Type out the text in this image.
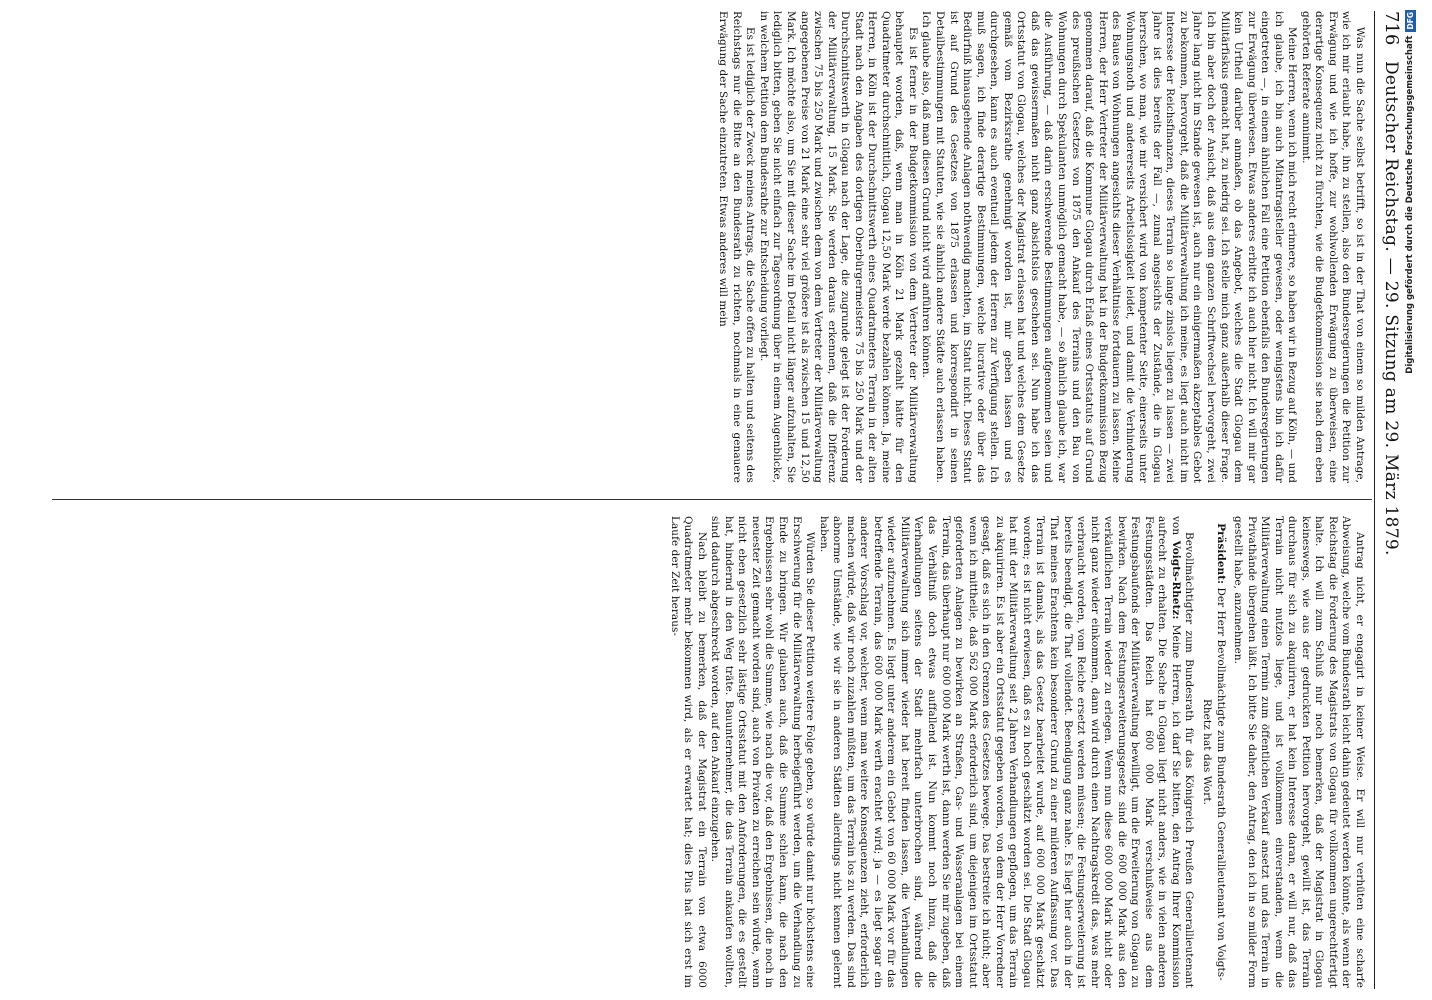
716
Deutscher Reichstag. — 29. Sitzung am 29. März 1879.

Was nun die Sache selbst betrifft, so ist in der That von einem so milden Antrage, wie ich mir erlaubt habe, ihn zu stellen, also den Bundesregierungen die Petition zur Erwägung und wie ich hoffe, zur wohlwollenden Erwägung zu überweisen, eine derartige Konsequenz nicht zu fürchten, wie die Budgetkommission sie nach dem eben gehörten Referate annimmt.

Meine Herren, wenn ich mich recht erinnere, so haben wir in Bezug auf Köln, — und ich glaube, ich bin auch Mitantragsteller gewesen, oder wenigstens bin ich dafür eingetreten —, in einem ähnlichen Fall eine Petition ebenfalls den Bundesregierungen zur Erwägung überwiesen. Etwas anderes erbitte ich auch hier nicht. Ich will mir gar kein Urtheil darüber anmaßen, ob das Angebot, welches die Stadt Glogau dem Militärfiskus gemacht hat, zu niedrig sei. Ich stelle mich ganz außerhalb dieser Frage. Ich bin aber doch der Ansicht, daß aus dem ganzen Schriftwechsel hervorgeht, zwei Jahre lang nicht im Stande gewesen ist, auch nur ein einigermaßen akzeptables Gebot zu bekommen, hervorgeht, daß die Militärverwaltung ich meine, es liegt auch nicht im Interesse der Reichsfinanzen, dieses Terrain so lange zinslos liegen zu lassen — zwei Jahre ist dies bereits der Fall —, zumal angesichts der Zustände, die in Glogau herrschen, wo man, wie mir versichert wird von kompetenter Seite, einerseits unter Wohnungsnoth und andererseits Arbeitslosigkeit leidet, und damit die Verhinderung des Baues von Wohnungen angesichts dieser Verhältnisse fortdauern zu lassen. Meine Herren, der Herr Vertreter der Militärverwaltung hat in der Budgetkommission Bezug genommen darauf, daß die Kommune Glogau durch Erlaß eines Ortsstatuts auf Grund des preußischen Gesetzes von 1875 den Ankauf des Terrains und den Bau von Wohnungen durch Spekulanten unmöglich gemacht habe, — so ähnlich glaube ich, war die Ausführung, — daß darin erschwerende Bestimmungen aufgenommen seien und daß das gewissermaßen nicht ganz absichtslos geschehen sei. Nun habe ich das Ortsstatut von Glogau, welches der Magistrat erlassen hat und welches dem Gesetze gemäß vom Bezirksrathe genehmigt worden ist, mir geben lassen und es durchgesehen, kann es auch eventuell jedem der Herren zur Verfügung stellen. Ich muß sagen, ich finde derartige Bestimmungen, welche lucrative oder über das Bedürfniß hinausgehende Anlagen nothwendig machten, im Statut nicht. Dieses Statut ist auf Grund des Gesetzes von 1875 erlassen und korrespondirt in seinen Detailbestimmungen mit Statuten, wie sie ähnlich andere Städte auch erlassen haben. Ich glaube also, daß man diesen Grund nicht wird anführen können.

Es ist ferner in der Budgetkommission von dem Vertreter der Militärverwaltung behauptet worden, daß, wenn man in Köln 21 Mark gezahlt hätte für den Quadratmeter durchschnittlich, Glogau 12,50 Mark werde bezahlen können. Ja, meine Herren, in Köln ist der Durchschnittswerth eines Quadratmeters Terrain in der alten Stadt nach den Angaben des dortigen Oberbürgermeisters 75 bis 250 Mark und der Durchschnittswerth in Glogau nach der Lage, die zugrunde gelegt ist der Forderung der Militärverwaltung, 15 Mark. Sie werden daraus erkennen, daß die Differenz zwischen 75 bis 250 Mark und zwischen dem von dem Vertreter der Militärverwaltung angegebenen Preise von 21 Mark eine sehr viel größere ist als zwischen 15 und 12,50 Mark. Ich möchte also, um Sie mit dieser Sache im Detail nicht länger aufzuhalten, Sie lediglich bitten, geben Sie nicht einfach zur Tagesordnung über in einem Augenblicke, in welchem Petition dem Bundesrathe zur Entscheidung vorliegt.

Es ist lediglich der Zweck meines Antrags, die Sache offen zu halten und seitens des Reichstags nur die Bitte an den Bundesrath zu richten, nochmals in eine genauere Erwägung der Sache einzutreten. Etwas anderes will mein

Antrag nicht, er engagirt in keiner Weise. Er will nur verhüten eine scharfe Abweisung, welche vom Bundesrath leicht dahin gedeutet werden könnte, als wenn der Reichstag die Forderung des Magistrats von Glogau für vollkommen ungerechtfertigt halte. Ich will zum Schluß nur noch bemerken, daß der Magistrat in Glogau keineswegs, wie aus der gedruckten Petition hervorgeht, gewillt ist, das Terrain durchaus für sich zu akquiriren, er hat kein Interesse daran, er will nur, daß das Terrain nicht nutzlos liege, und ist vollkommen einverstanden, wenn die Militärverwaltung einen Termin zum öffentlichen Verkauf ansetzt und das Terrain in Privathände übergehen läßt. Ich bitte Sie daher, den Antrag, den ich in so milder Form gestellt habe, anzunehmen.

Präsident: Der Herr Bevollmächtigte zum Bundesrath Generallieutenant von Voigts-Rhetz hat das Wort.

Bevollmächtigter zum Bundesrath für das Königreich Preußen Generallieutenant von Voigts-Rhetz: Meine Herren, ich darf Sie bitten, den Antrag Ihrer Kommission aufrecht zu erhalten. Die Sache in Glogau liegt nicht anders, wie in vielen anderen Festungsstädten. Das Reich hat 600 000 Mark verschußweise aus dem Festungsbaufonds der Militärverwaltung bewilligt, um die Erweiterung von Glogau zu bewirken. Nach dem Festungserweiterungsgesetz sind die 600 000 Mark aus den verkäuflichen Terrain wieder zu erlegen. Wenn nun diese 600 000 Mark nicht oder nicht ganz wieder einkommen, dann wird durch einen Nachtragskredit das, was mehr verbraucht worden, vom Reiche ersetzt werden müssen; die Festungserweiterung ist bereits beendigt, die That vollendet. Beendigung ganz nahe. Es liegt hier auch in der That meines Erachtens kein besonderer Grund zu einer milderen Auffassung vor. Das Terrain ist damals, als das Gesetz bearbeitet wurde, auf 600 000 Mark geschätzt worden; es ist nicht erwiesen, daß es zu hoch geschätzt worden sei. Die Stadt Glogau hat mit der Militärverwaltung seit 2 Jahren Verhandlungen gepflogen, um das Terrain zu akquiriren. Es ist aber ein Ortsstatut gegeben worden, von dem der Herr Vorredner gesagt, daß es sich in den Grenzen des Gesetzes bewege. Das bestreite ich nicht; aber wenn ich mittheile, daß 562 000 Mark erforderlich sind, um diejenigen im Ortsstatut geforderten Anlagen zu bewirken an Straßen, Gas- und Wasseranlagen bei einem Terrain, das überhaupt nur 600 000 Mark werth ist, dann werden Sie mir zugeben, daß das Verhältniß doch etwas auffallend ist. Nun kommt noch hinzu, daß die Verhandlungen seitens der Stadt mehrfach unterbrochen sind, während die Militärverwaltung sich immer wieder hat bereit finden lassen, die Verhandlungen wieder aufzunehmen. Es liegt unter anderem ein Gebot von 60 000 Mark vor für das betreffende Terrain, das 600 000 Mark werth erachtet wird; ja — es liegt sogar ein anderer Vorschlag vor, welcher, wenn man weitere Konsequenzen zieht, erforderlich machen würde, daß wir noch zuzahlen müßten, um das Terrain los zu werden. Das sind abnorme Umstände, wie wir sie in anderen Städten allerdings nicht kennen gelernt haben.

Würden Sie dieser Petition weitere Folge geben, so würde damit nur höchstens eine Erschwerung für die Militärverwaltung herbeigeführt werden, um die Verhandlung zu Ende zu bringen. Wir glauben auch, daß die Summe schlen kann, die nach den Ergebnissen sehr wohl die Summe, wie nach die vor, daß den Ergebnissen, die noch in neuester Zeit gemacht worden sind, auch von Privaten zu erreichen sein würde, wenn nicht eben gesetzlich sehr lästige Ortsstatut mit den Anforderungen, die es gestellt hat, hindernd in den Weg träte. Bauunternehmer, die das Terrain ankaufen wollten, sind dadurch abgeschreckt worden, auf den Ankauf einzugehen.

Nach bleibt zu bemerken, daß der Magistrat ein Terrain von etwa 6000 Quadratmeter mehr bekommen wird, als er erwartet hat; dies Plus hat sich erst im Laufe der Zeit heraus-

Digitalisierung gefördert durch die Deutsche Forschungsgemeinschaft
DFG
